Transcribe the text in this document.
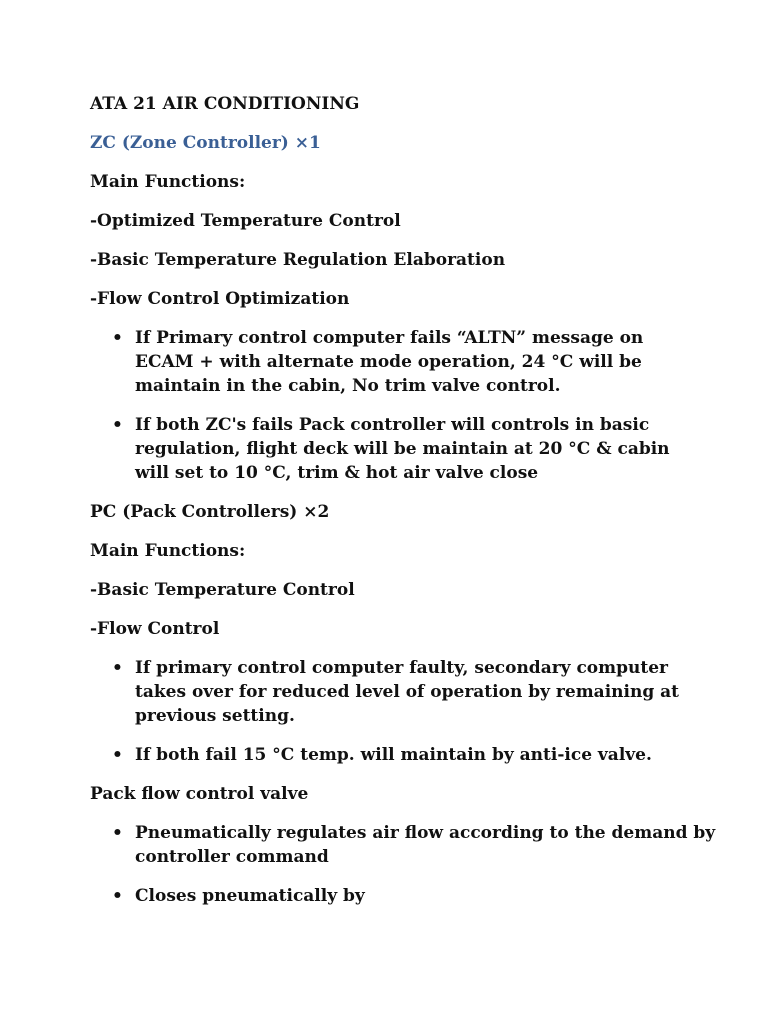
ATA 21 AIR CONDITIONING

ZC (Zone Controller) ×1

Main Functions:

-Optimized Temperature Control

-Basic Temperature Regulation Elaboration

-Flow Control Optimization

• If Primary control computer fails “ALTN” message on ECAM + with alternate mode operation, 24 °C will be maintain in the cabin, No trim valve control.
• If both ZC's fails Pack controller will controls in basic regulation, flight deck will be maintain at 20 °C & cabin will set to 10 °C, trim & hot air valve close

PC (Pack Controllers) ×2

Main Functions:

-Basic Temperature Control

-Flow Control

• If primary control computer faulty, secondary computer takes over for reduced level of operation by remaining at previous setting.
• If both fail 15 °C temp. will maintain by anti-ice valve.

Pack flow control valve

• Pneumatically regulates air flow according to the demand by controller command
• Closes pneumatically by
